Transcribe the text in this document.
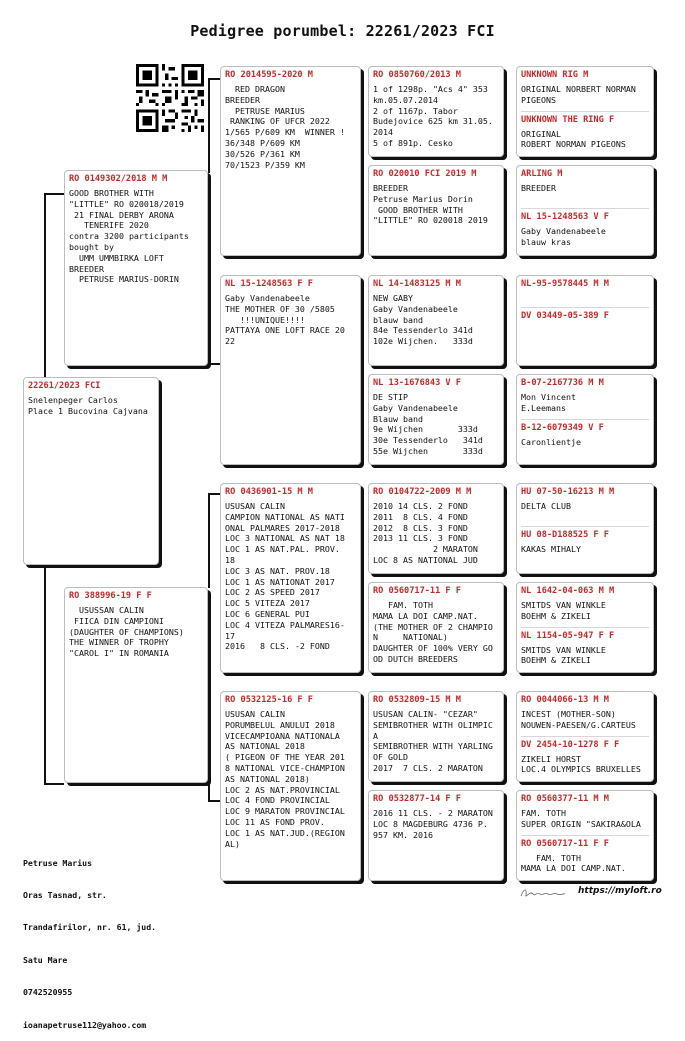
Pedigree porumbel: 22261/2023 FCI
22261/2023 FCI
Snelenpeger Carlos
Place 1 Bucovina Cajvana
RO 0149302/2018 M M
GOOD BROTHER WITH
"LITTLE" RO 020018/2019
21 FINAL DERBY ARONA
TENERIFE 2020
contra 3200 participants
bought by
UMM UMMBIRKA LOFT
BREEDER
PETRUSE MARIUS-DORIN
RO 388996-19 F F
USUSSAN CALIN
FIICA DIN CAMPIONI
(DAUGHTER OF CHAMPIONS)
THE WINNER OF TROPHY
"CAROL I" IN ROMANIA
RO 2014595-2020 M
RED DRAGON
BREEDER
PETRUSE MARIUS
RANKING OF UFCR 2022
1/565 P/609 KM  WINNER !
36/348 P/609 KM
30/526 P/361 KM
70/1523 P/359 KM
NL 15-1248563 F F
Gaby Vandenabeele
THE MOTHER OF 30 /5805
!!!UNIQUE!!!!
PATTAYA ONE LOFT RACE 20
22
RO 0436901-15 M M
USUSAN CALIN
CAMPION NATIONAL AS NATI
ONAL PALMARES 2017-2018
LOC 3 NATIONAL AS NAT 18
LOC 1 AS NAT.PAL. PROV.
18
LOC 3 AS NAT. PROV.18
LOC 1 AS NATIONAT 2017
LOC 2 AS SPEED 2017
LOC 5 VITEZA 2017
LOC 6 GENERAL PUI
LOC 4 VITEZA PALMARES16-
17
2016   8 CLS. -2 FOND
RO 0532125-16 F F
USUSAN CALIN
PORUMBELUL ANULUI 2018
VICECAMPIOANA NATIONALA
AS NATIONAL 2018
( PIGEON OF THE YEAR 201
8 NATIONAL VICE-CHAMPION
AS NATIONAL 2018)
LOC 2 AS NAT.PROVINCIAL
LOC 4 FOND PROVINCIAL
LOC 9 MARATON PROVINCIAL
LOC 11 AS FOND PROV.
LOC 1 AS NAT.JUD.(REGION
AL)
RO 0850760/2013 M
1 of 1298p. "Acs 4" 353
km.05.07.2014
2 of 1167p. Tabor
Budejovice 625 km 31.05.
2014
5 of 891p. Cesko
RO 020010 FCI 2019 M
BREEDER
Petruse Marius Dorin
GOOD BROTHER WITH
"LITTLE" RO 020018 2019
NL 14-1483125 M M
NEW GABY
Gaby Vandenabeele
blauw band
84e Tessenderlo 341d
102e Wijchen.   333d
NL 13-1676843 V F
DE STIP
Gaby Vandenabeele
Blauw band
9e Wijchen       333d
30e Tessenderlo   341d
55e Wijchen       333d
RO 0104722-2009 M M
2010 14 CLS. 2 FOND
2011  8 CLS. 4 FOND
2012  8 CLS. 3 FOND
2013 11 CLS. 3 FOND
2 MARATON
LOC 8 AS NATIONAL JUD
RO 0560717-11 F F
FAM. TOTH
MAMA LA DOI CAMP.NAT.
(THE MOTHER OF 2 CHAMPIO
N     NATIONAL)
DAUGHTER OF 100% VERY GO
OD DUTCH BREEDERS
RO 0532809-15 M M
USUSAN CALIN- "CEZAR"
SEMIBROTHER WITH OLIMPIC
A
SEMIBROTHER WITH YARLING
OF GOLD
2017  7 CLS. 2 MARATON
RO 0532877-14 F F
2016 11 CLS. - 2 MARATON
LOC 8 MAGDEBURG 4736 P.
957 KM. 2016
UNKNOWN RIG M
ORIGINAL NORBERT NORMAN
PIGEONS
UNKNOWN THE RING F
ORIGINAL
ROBERT NORMAN PIGEONS
ARLING M
BREEDER
NL 15-1248563 V F
Gaby Vandenabeele
blauw kras
NL-95-9578445 M M
DV 03449-05-389 F
B-07-2167736 M M
Mon Vincent
E.Leemans
B-12-6079349 V F
Caronlientje
HU 07-50-16213 M M
DELTA CLUB
HU 08-D188525 F F
KAKAS MIHALY
NL 1642-04-063 M M
SMITDS VAN WINKLE
BOEHM & ZIKELI
NL 1154-05-947 F F
SMITDS VAN WINKLE
BOEHM & ZIKELI
RO 0044066-13 M M
INCEST (MOTHER-SON)
NOUWEN-PAESEN/G.CARTEUS
DV 2454-10-1278 F F
ZIKELI HORST
LOC.4 OLYMPICS BRUXELLES
RO 0560377-11 M M
FAM. TOTH
SUPER ORIGIN "SAKIRA&OLA
RO 0560717-11 F F
FAM. TOTH
MAMA LA DOI CAMP.NAT.

Petruse Marius

Oras Tasnad, str.

Trandafirilor, nr. 61, jud.

Satu Mare

0742520955

ioanapetruse112@yahoo.com

https://myloft.ro
